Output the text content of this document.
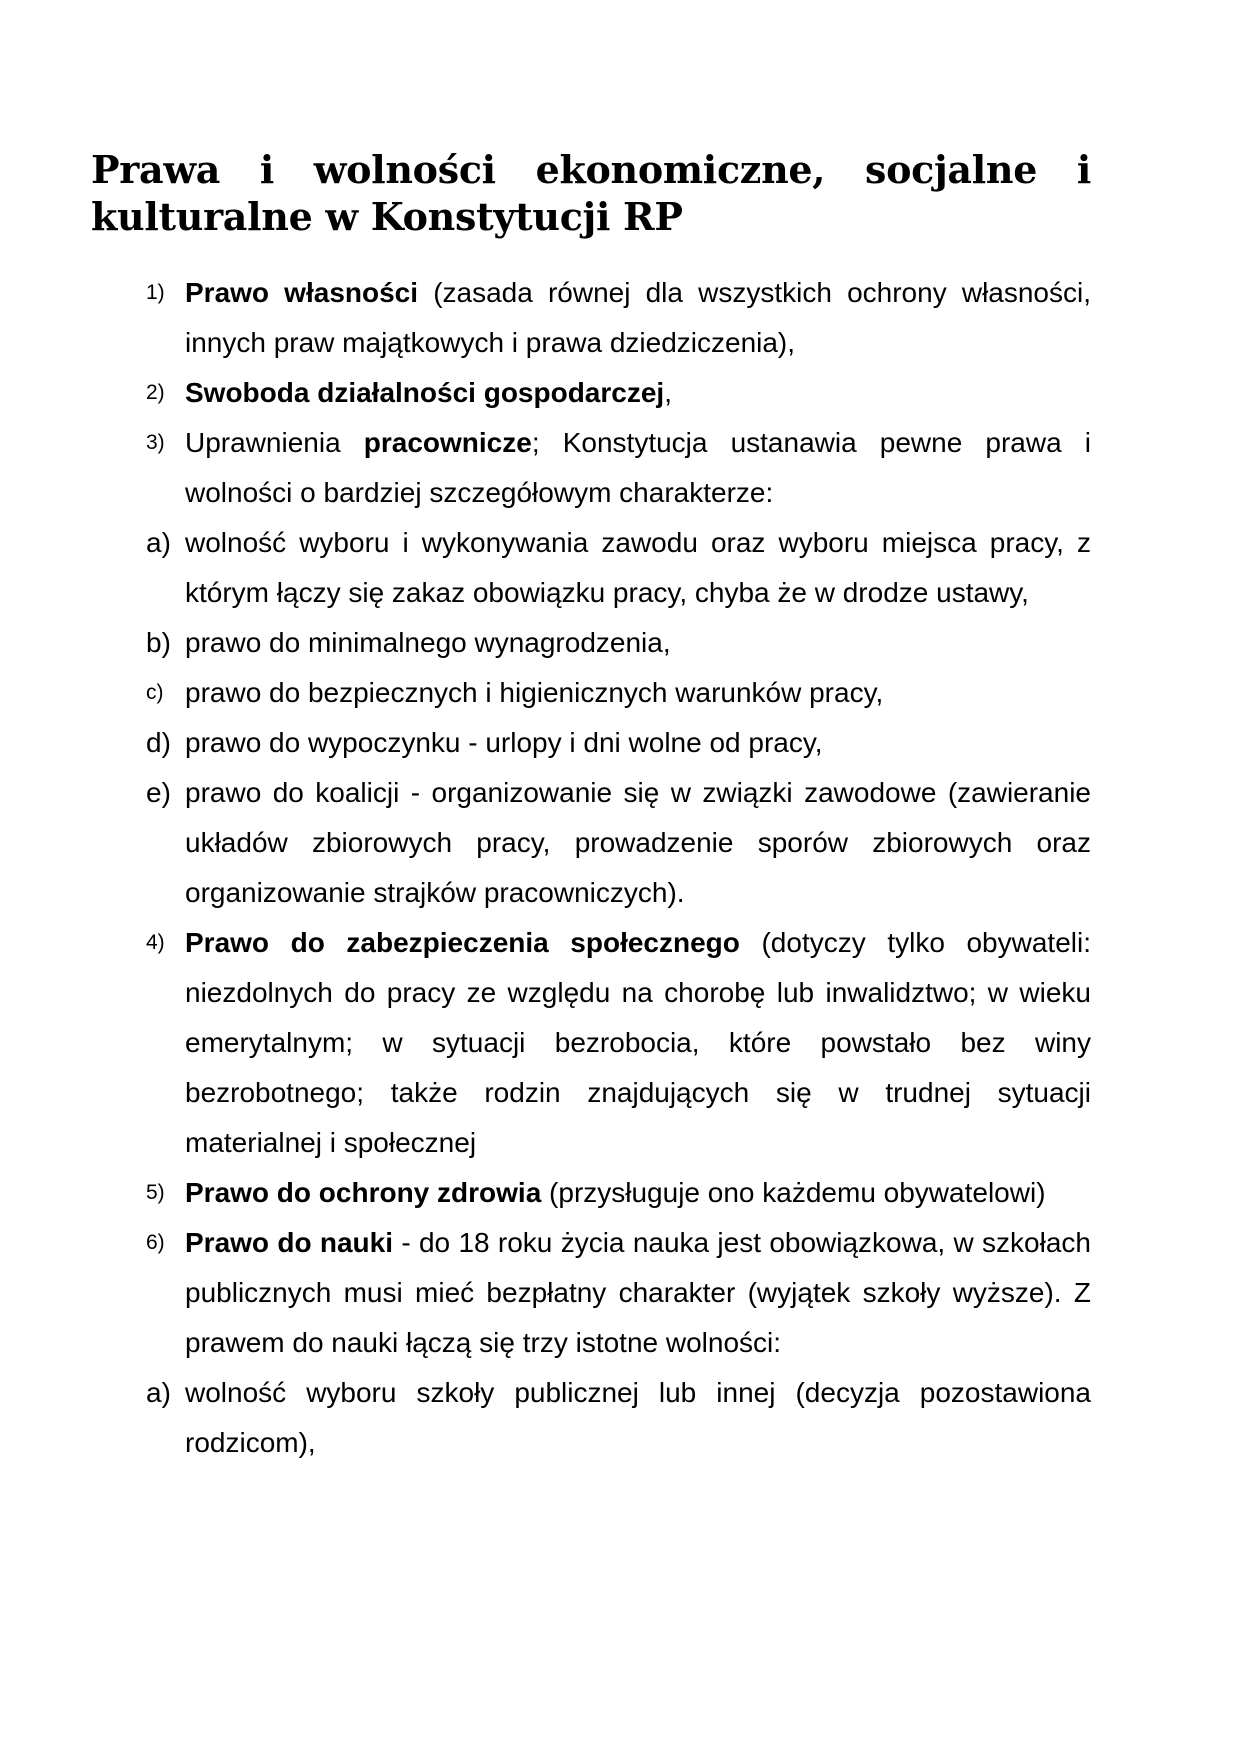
Prawa i wolności ekonomiczne, socjalne i kulturalne w Konstytucji RP
1) Prawo własności (zasada równej dla wszystkich ochrony własności, innych praw majątkowych i prawa dziedziczenia),
2) Swoboda działalności gospodarczej,
3) Uprawnienia pracownicze; Konstytucja ustanawia pewne prawa i wolności o bardziej szczegółowym charakterze:
a) wolność wyboru i wykonywania zawodu oraz wyboru miejsca pracy, z którym łączy się zakaz obowiązku pracy, chyba że w drodze ustawy,
b) prawo do minimalnego wynagrodzenia,
c) prawo do bezpiecznych i higienicznych warunków pracy,
d) prawo do wypoczynku - urlopy i dni wolne od pracy,
e) prawo do koalicji - organizowanie się w związki zawodowe (zawieranie układów zbiorowych pracy, prowadzenie sporów zbiorowych oraz organizowanie strajków pracowniczych).
4) Prawo do zabezpieczenia społecznego (dotyczy tylko obywateli: niezdolnych do pracy ze względu na chorobę lub inwalidztwo; w wieku emerytalnym; w sytuacji bezrobocia, które powstało bez winy bezrobotnego; także rodzin znajdujących się w trudnej sytuacji materialnej i społecznej
5) Prawo do ochrony zdrowia (przysługuje ono każdemu obywatelowi)
6) Prawo do nauki - do 18 roku życia nauka jest obowiązkowa, w szkołach publicznych musi mieć bezpłatny charakter (wyjątek szkoły wyższe). Z prawem do nauki łączą się trzy istotne wolności:
a) wolność wyboru szkoły publicznej lub innej (decyzja pozostawiona rodzicom),
